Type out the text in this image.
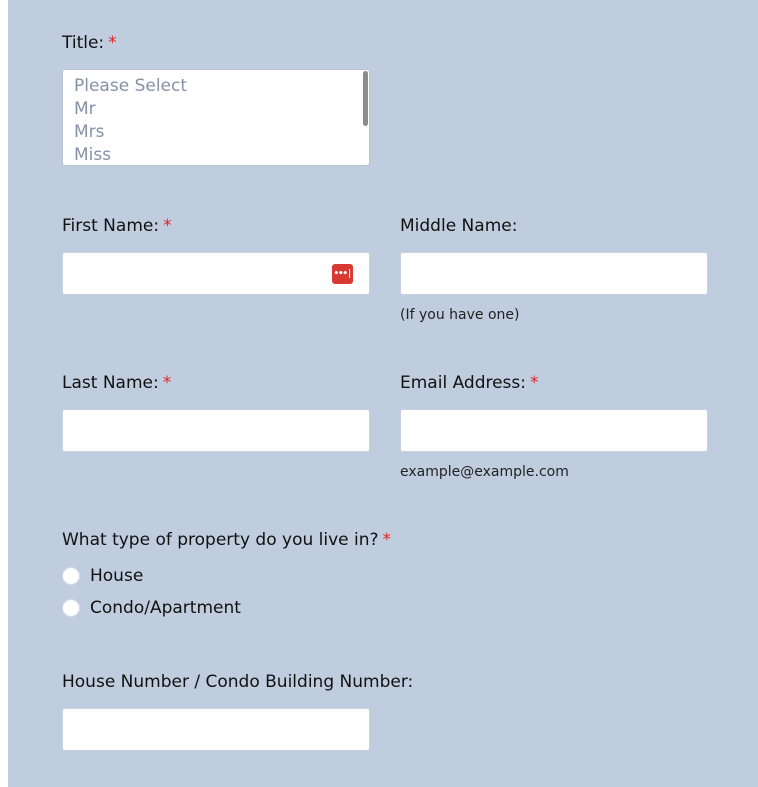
Title: *
Please Select
Mr
Mrs
Miss
First Name: *
•••|
Middle Name:
(If you have one)
Last Name: *	Email Address: *
example@example.com
What type of property do you live in? *
House
Condo/Apartment
House Number / Condo Building Number:
